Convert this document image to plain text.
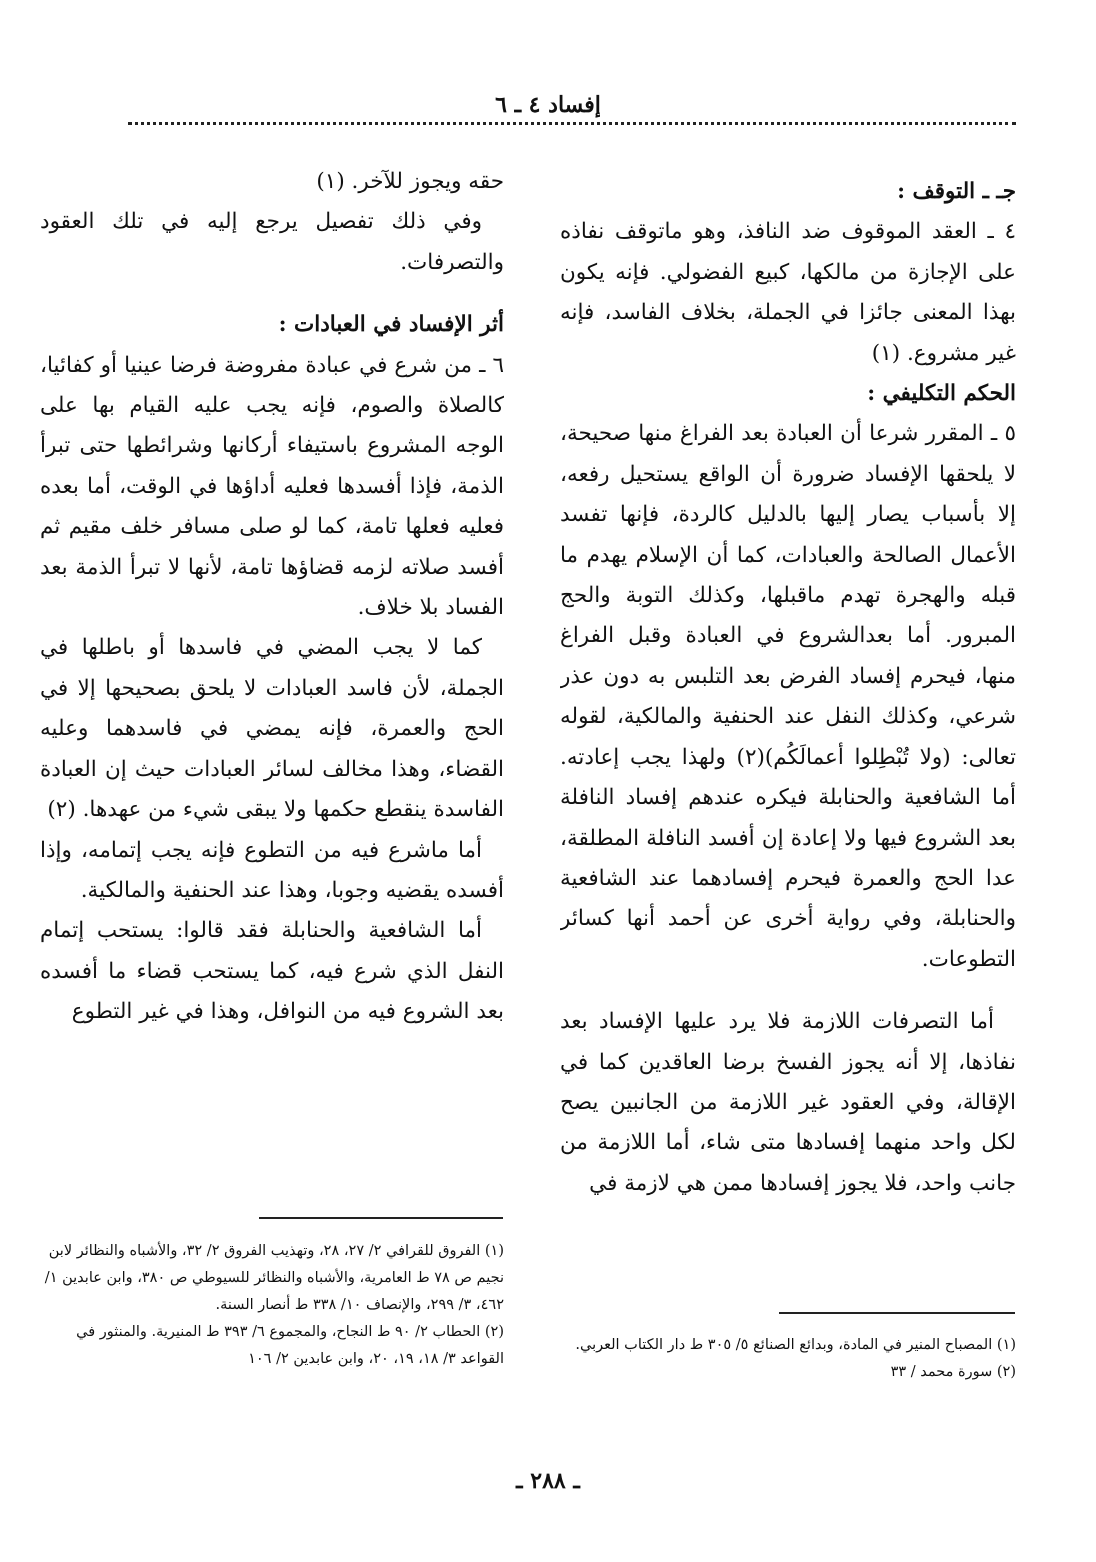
إفساد ٤ ـ ٦
جـ ـ التوقف :

٤ ـ العقد الموقوف ضد النافذ، وهو ماتوقف نفاذه على الإجازة من مالكها، كبيع الفضولي. فإنه يكون بهذا المعنى جائزا في الجملة، بخلاف الفاسد، فإنه غير مشروع. (١)

الحكم التكليفي :

٥ ـ المقرر شرعا أن العبادة بعد الفراغ منها صحيحة، لا يلحقها الإفساد ضرورة أن الواقع يستحيل رفعه، إلا بأسباب يصار إليها بالدليل كالردة، فإنها تفسد الأعمال الصالحة والعبادات، كما أن الإسلام يهدم ما قبله والهجرة تهدم ماقبلها، وكذلك التوبة والحج المبرور. أما بعدالشروع في العبادة وقبل الفراغ منها، فيحرم إفساد الفرض بعد التلبس به دون عذر شرعي، وكذلك النفل عند الحنفية والمالكية، لقوله تعالى: (ولا تُبْطِلوا أعمالَكُم)(٢) ولهذا يجب إعادته. أما الشافعية والحنابلة فيكره عندهم إفساد النافلة بعد الشروع فيها ولا إعادة إن أفسد النافلة المطلقة، عدا الحج والعمرة فيحرم إفسادهما عند الشافعية والحنابلة، وفي رواية أخرى عن أحمد أنها كسائر التطوعات.

أما التصرفات اللازمة فلا يرد عليها الإفساد بعد نفاذها، إلا أنه يجوز الفسخ برضا العاقدين كما في الإقالة، وفي العقود غير اللازمة من الجانبين يصح لكل واحد منهما إفسادها متى شاء، أما اللازمة من جانب واحد، فلا يجوز إفسادها ممن هي لازمة في

حقه ويجوز للآخر. (١)

وفي ذلك تفصيل يرجع إليه في تلك العقود والتصرفات.

أثر الإفساد في العبادات :

٦ ـ من شرع في عبادة مفروضة فرضا عينيا أو كفائيا، كالصلاة والصوم، فإنه يجب عليه القيام بها على الوجه المشروع باستيفاء أركانها وشرائطها حتى تبرأ الذمة، فإذا أفسدها فعليه أداؤها في الوقت، أما بعده فعليه فعلها تامة، كما لو صلى مسافر خلف مقيم ثم أفسد صلاته لزمه قضاؤها تامة، لأنها لا تبرأ الذمة بعد الفساد بلا خلاف.

كما لا يجب المضي في فاسدها أو باطلها في الجملة، لأن فاسد العبادات لا يلحق بصحيحها إلا في الحج والعمرة، فإنه يمضي في فاسدهما وعليه القضاء، وهذا مخالف لسائر العبادات حيث إن العبادة الفاسدة ينقطع حكمها ولا يبقى شيء من عهدها. (٢)

أما ماشرع فيه من التطوع فإنه يجب إتمامه، وإذا أفسده يقضيه وجوبا، وهذا عند الحنفية والمالكية.

أما الشافعية والحنابلة فقد قالوا: يستحب إتمام النفل الذي شرع فيه، كما يستحب قضاء ما أفسده بعد الشروع فيه من النوافل، وهذا في غير التطوع

(١) المصباح المنير في المادة، وبدائع الصنائع ٥/ ٣٠٥ ط دار الكتاب العربي.

(٢) سورة محمد / ٣٣

(١) الفروق للقرافي ٢/ ٢٧، ٢٨، وتهذيب الفروق ٢/ ٣٢، والأشباه والنظائر لابن نجيم ص ٧٨ ط العامرية، والأشباه والنظائر للسيوطي ص ٣٨٠، وابن عابدين ١/ ٤٦٢، ٣/ ٢٩٩، والإنصاف ١٠/ ٣٣٨ ط أنصار السنة.

(٢) الحطاب ٢/ ٩٠ ط النجاح، والمجموع ٦/ ٣٩٣ ط المنيرية. والمنثور في القواعد ٣/ ١٨، ١٩، ٢٠، وابن عابدين ٢/ ١٠٦

ـ ٢٨٨ ـ
